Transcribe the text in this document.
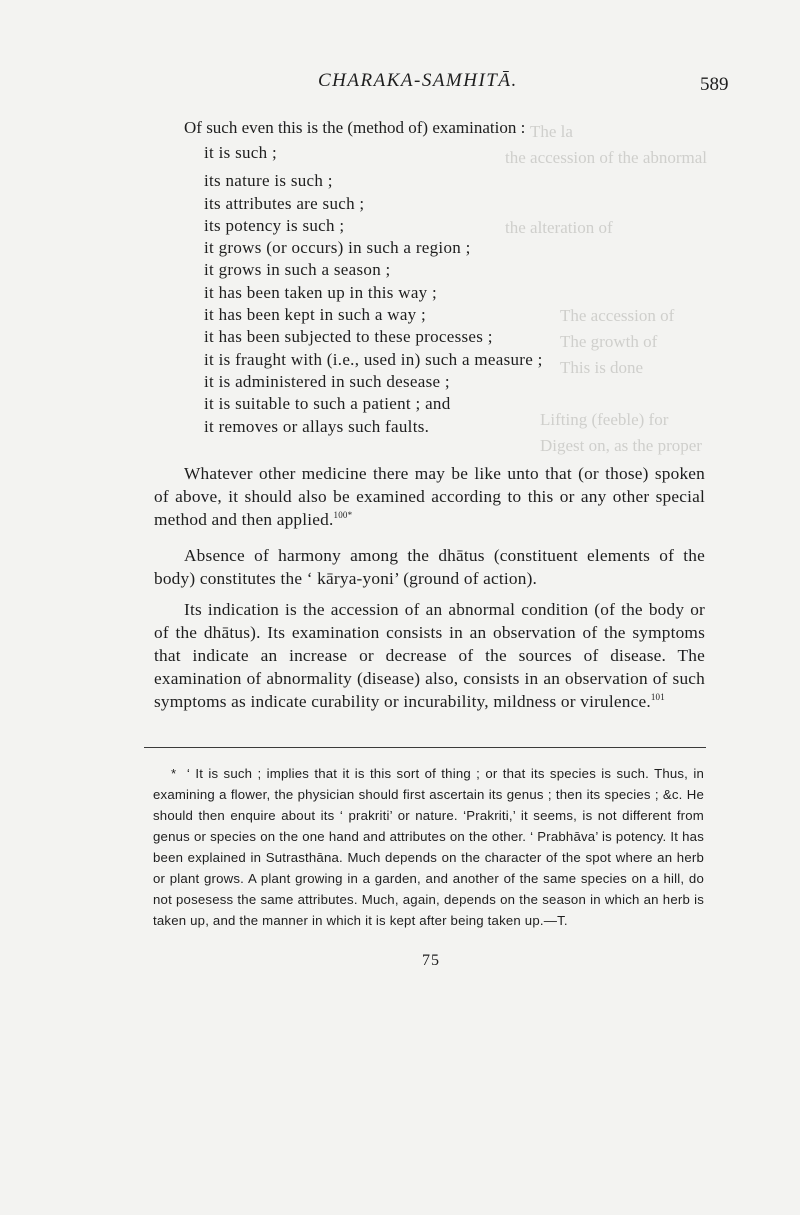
The la
the accession of the abnormal
the alteration of
The accession of
The growth of
This is done
Lifting (feeble) for
Digest on, as the proper
CHARAKA-SAMHITĀ.	589
Of such even this is the (method of) examination :
it is such ;
its nature is such ;
its attributes are such ;
its potency is such ;
it grows (or occurs) in such a region ;
it grows in such a season ;
it has been taken up in this way ;
it has been kept in such a way ;
it has been subjected to these processes ;
it is fraught with (i.e., used in) such a measure ;
it is administered in such desease ;
it is suitable to such a patient ; and
it removes or allays such faults.

Whatever other medicine there may be like unto that (or those) spoken of above, it should also be examined according to this or any other special method and then applied.$^{100*}$

Absence of harmony among the dhātus (constituent elements of the body) constitutes the ‘ kārya-yoni’ (ground of action).

Its indication is the accession of an abnormal condition (of the body or of the dhātus). Its examination consists in an observation of the symptoms that indicate an increase or decrease of the sources of disease. The examination of abnormality (disease) also, consists in an observation of such symptoms as indicate curability or incurability, mildness or virulence.$^{101}$

* ‘ It is such ; implies that it is this sort of thing ; or that its species is such. Thus, in examining a flower, the physician should first ascertain its genus ; then its species ; &c. He should then enquire about its ‘ prakriti’ or nature. ‘Prakriti,’ it seems, is not different from genus or species on the one hand and attributes on the other. ‘ Prabhāva’ is potency. It has been explained in Sutrasthāna. Much depends on the character of the spot where an herb or plant grows. A plant growing in a garden, and another of the same species on a hill, do not posesess the same attributes. Much, again, depends on the season in which an herb is taken up, and the manner in which it is kept after being taken up.—T.

75
